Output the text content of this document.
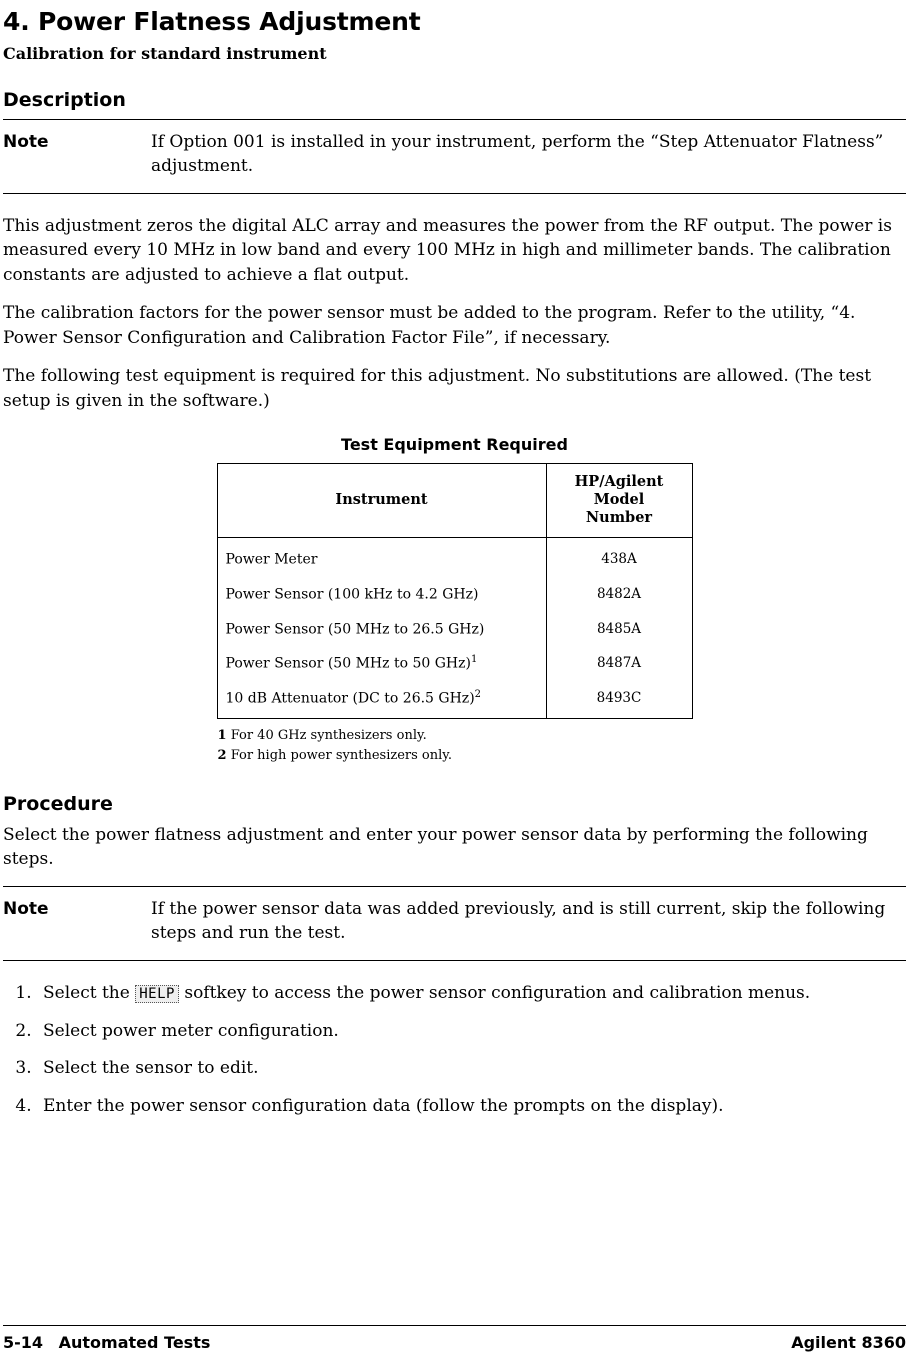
4. Power Flatness Adjustment
Calibration for standard instrument
Description
Note	If Option 001 is installed in your instrument, perform the “Step Attenuator Flatness” adjustment.

This adjustment zeros the digital ALC array and measures the power from the RF output. The power is measured every 10 MHz in low band and every 100 MHz in high and millimeter bands. The calibration constants are adjusted to achieve a flat output.

The calibration factors for the power sensor must be added to the program. Refer to the utility, “4. Power Sensor Configuration and Calibration Factor File”, if necessary.

The following test equipment is required for this adjustment. No substitutions are allowed. (The test setup is given in the software.)

Test Equipment Required
Instrument	HP/Agilent
Model
Number

Power Meter	438A
Power Sensor (100 kHz to 4.2 GHz)	8482A
Power Sensor (50 MHz to 26.5 GHz)	8485A
Power Sensor (50 MHz to 50 GHz)$^1$	8487A
10 dB Attenuator (DC to 26.5 GHz)$^2$	8493C
1 For 40 GHz synthesizers only.
2 For high power synthesizers only.
Procedure

Select the power flatness adjustment and enter your power sensor data by performing the following steps.

Note	If the power sensor data was added previously, and is still current, skip the following steps and run the test.
1. Select the HELP softkey to access the power sensor configuration and calibration menus.
2. Select power meter configuration.
3. Select the sensor to edit.
4. Enter the power sensor configuration data (follow the prompts on the display).
5-14 Automated Tests	Agilent 8360
